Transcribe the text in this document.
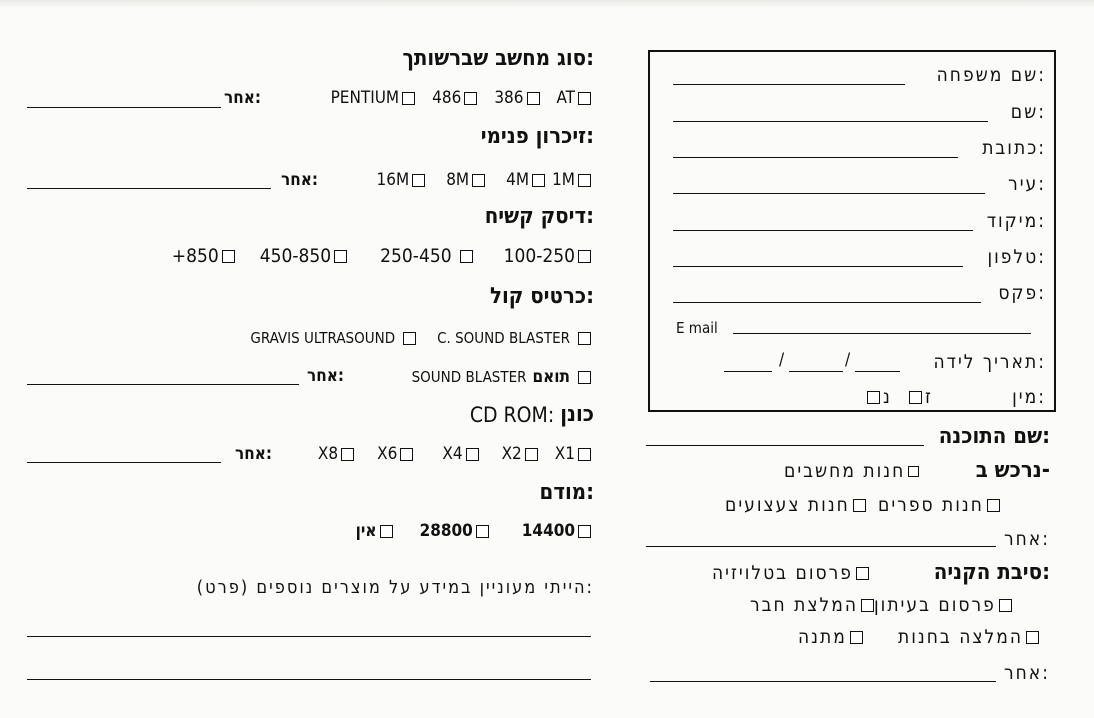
שם משפחה:
שם:
כתובת:
עיר:
מיקוד:
טלפון:
פקס:
E mail
תאריך לידה:
/	/
מין:
ז
נ
שם התוכנה:
נרכש ב-
חנות מחשבים
חנות צעצועים חנות ספרים
אחר:
סיבת הקניה:
פרסום בטלויזיה
המלצת חבר פרסום בעיתון
מתנה	המלצה בחנות
אחר:
סוג מחשב שברשותך:
PENTIUM 486 386 AT
אחר:
זיכרון פנימי:
16M 8M 4M 1M
אחר:
דיסק קשיח:
+850 450-850	250-450	100-250
כרטיס קול:
GRAVIS ULTRASOUND	C. SOUND BLASTER
SOUND BLASTER תואם
אחר:
CD ROM: כונן
X8 X6	X4 X2 X1
אחר:
מודם:
אין	28800	14400
הייתי מעוניין במידע על מוצרים נוספים (פרט):
